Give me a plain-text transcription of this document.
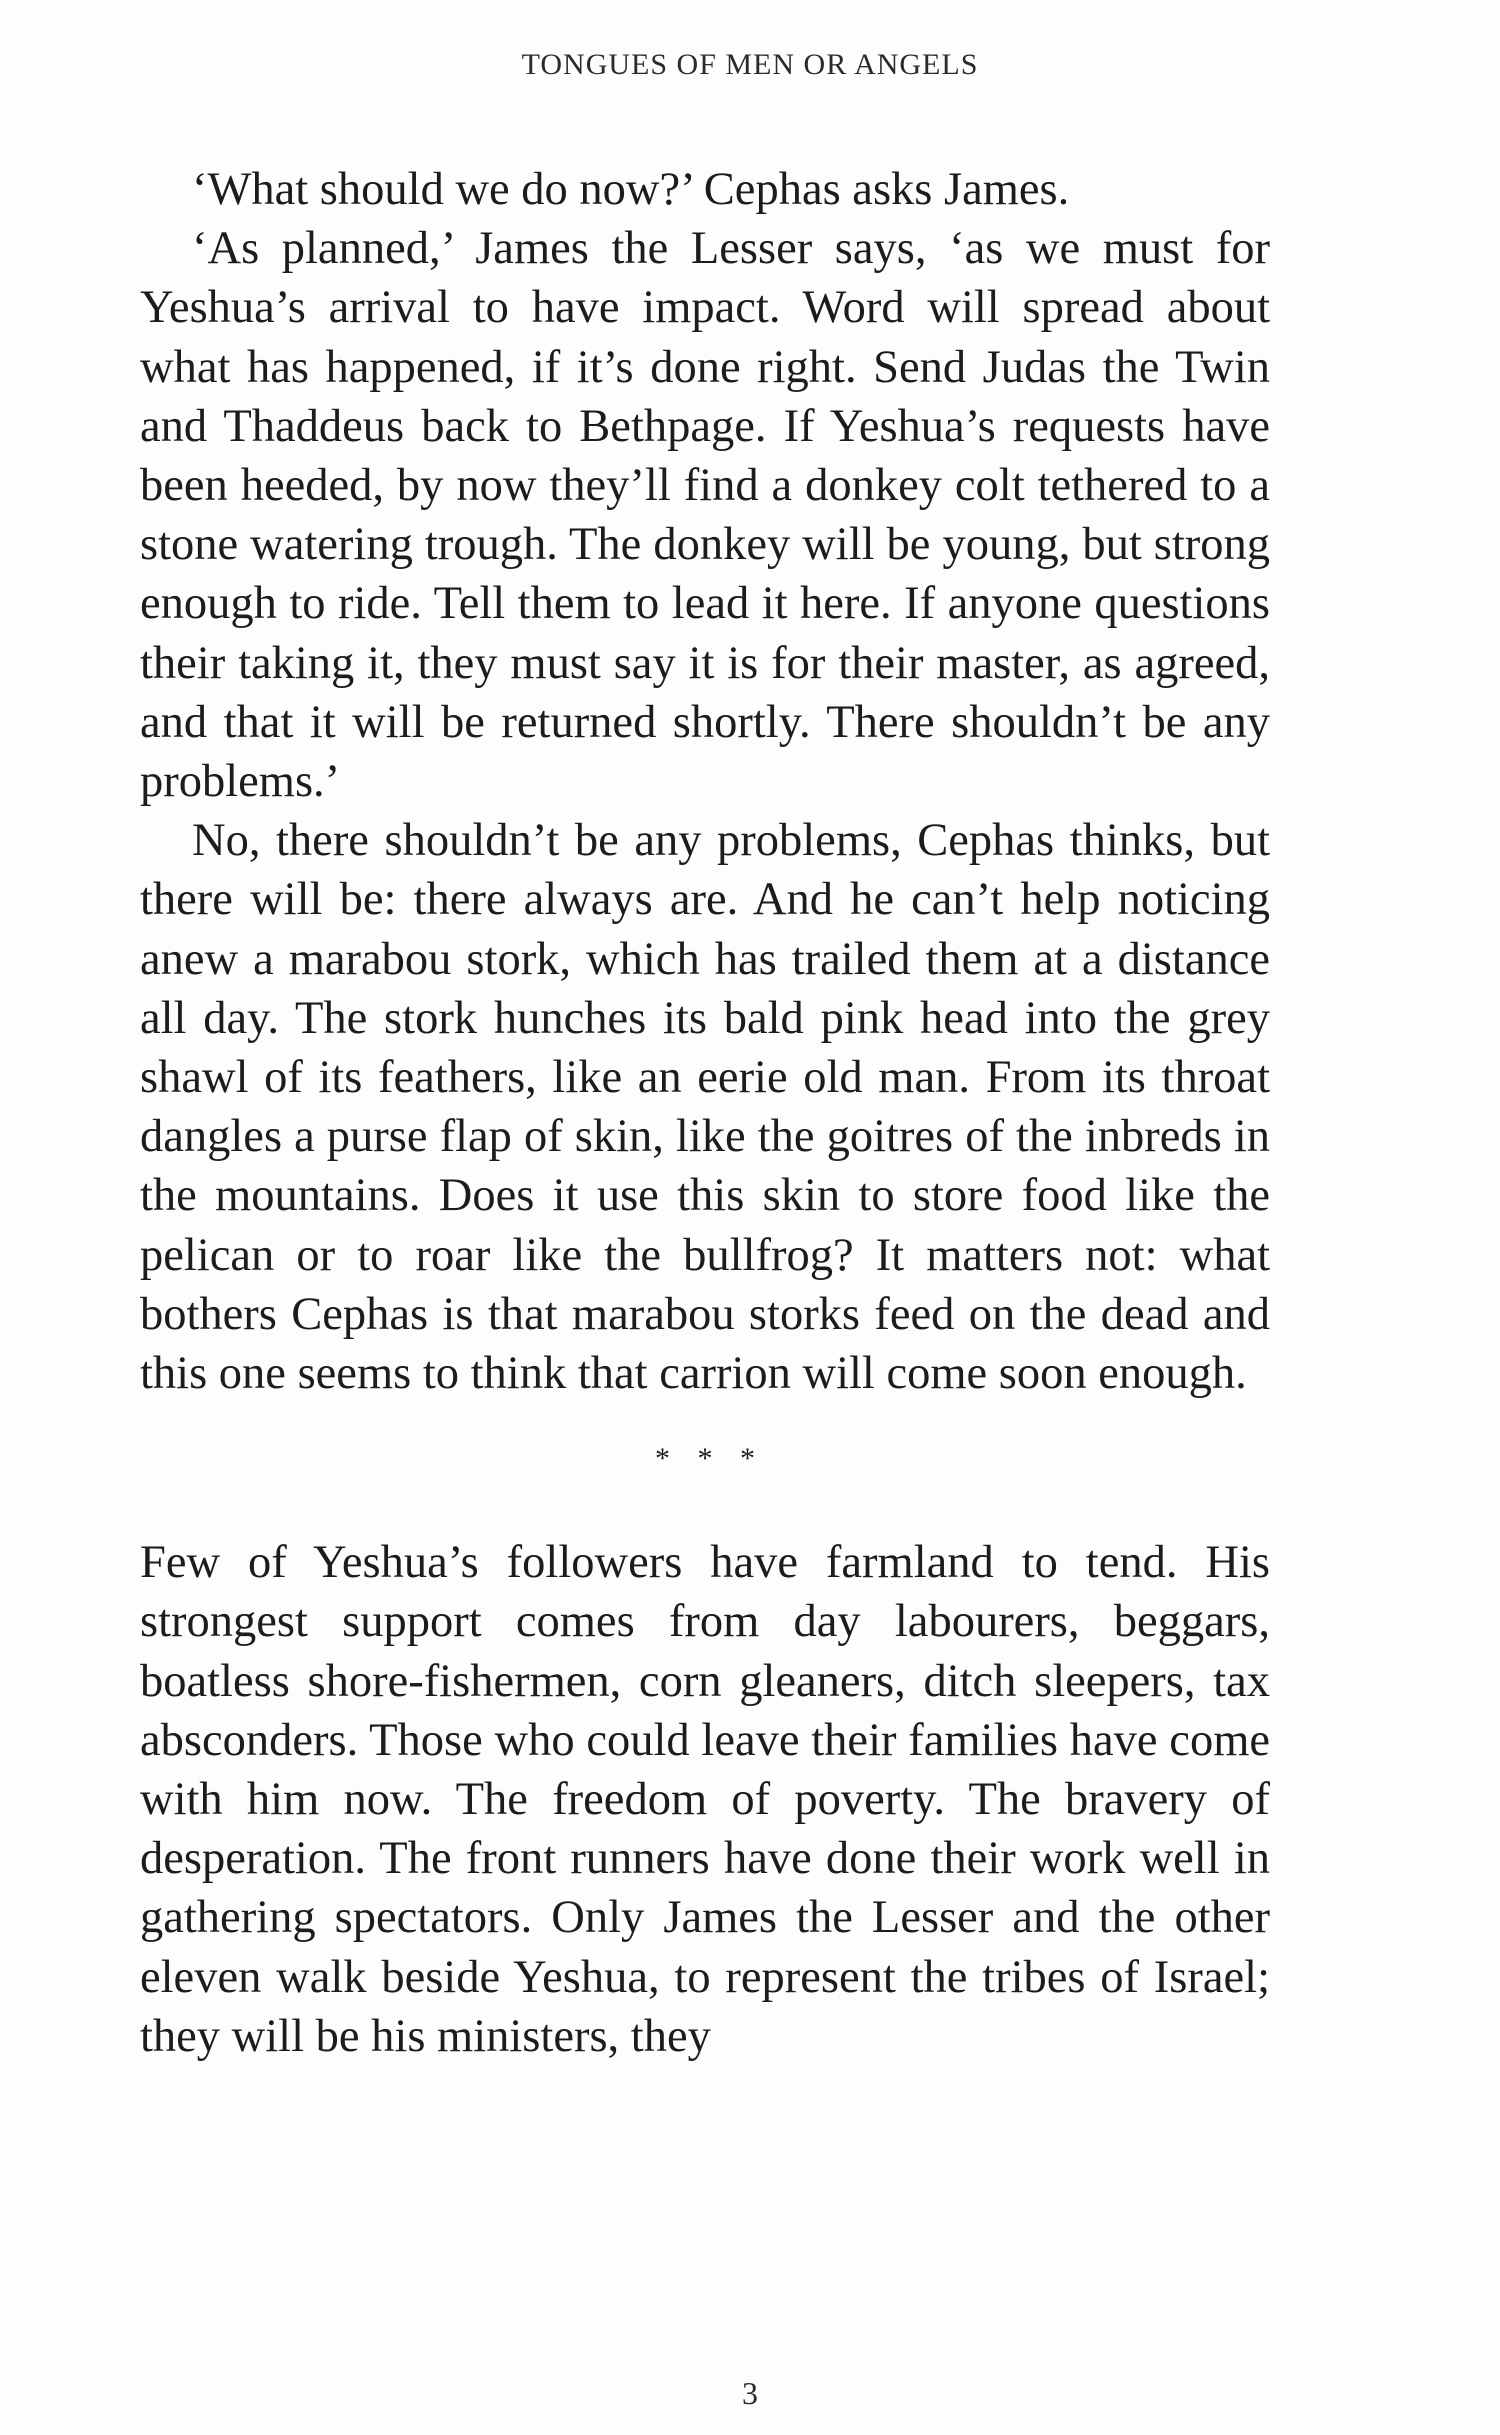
TONGUES OF MEN OR ANGELS

‘What should we do now?’ Cephas asks James.

‘As planned,’ James the Lesser says, ‘as we must for Yeshua’s arrival to have impact. Word will spread about what has happened, if it’s done right. Send Judas the Twin and Thaddeus back to Bethpage. If Yeshua’s requests have been heeded, by now they’ll find a donkey colt tethered to a stone watering trough. The donkey will be young, but strong enough to ride. Tell them to lead it here. If anyone questions their taking it, they must say it is for their master, as agreed, and that it will be returned shortly. There shouldn’t be any problems.’

No, there shouldn’t be any problems, Cephas thinks, but there will be: there always are. And he can’t help noticing anew a marabou stork, which has trailed them at a distance all day. The stork hunches its bald pink head into the grey shawl of its feathers, like an eerie old man. From its throat dangles a purse flap of skin, like the goitres of the inbreds in the mountains. Does it use this skin to store food like the pelican or to roar like the bullfrog? It matters not: what bothers Cephas is that marabou storks feed on the dead and this one seems to think that carrion will come soon enough.

* * *

Few of Yeshua’s followers have farmland to tend. His strongest support comes from day labourers, beggars, boatless shore-fishermen, corn gleaners, ditch sleepers, tax absconders. Those who could leave their families have come with him now. The freedom of poverty. The bravery of desperation. The front runners have done their work well in gathering spectators. Only James the Lesser and the other eleven walk beside Yeshua, to represent the tribes of Israel; they will be his ministers, they

3
